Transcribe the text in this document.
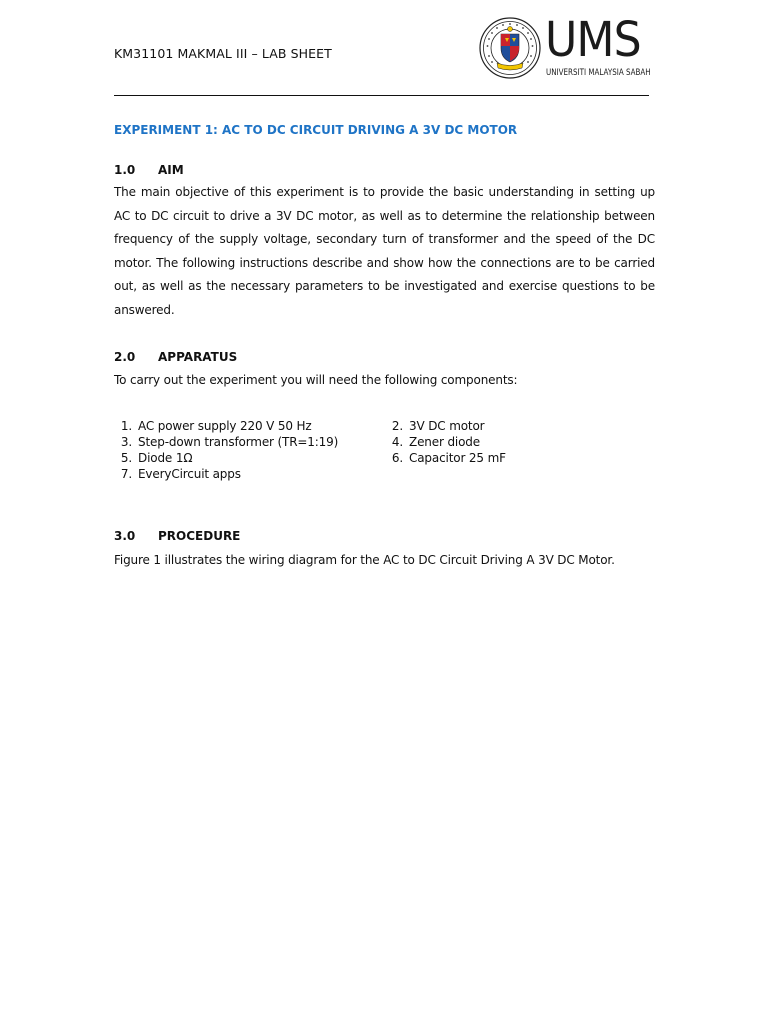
KM31101 MAKMAL III – LAB SHEET	UMS
UNIVERSITI MALAYSIA SABAH
EXPERIMENT 1: AC TO DC CIRCUIT DRIVING A 3V DC MOTOR
1.0 AIM
The main objective of this experiment is to provide the basic understanding in setting up AC to DC circuit to drive a 3V DC motor, as well as to determine the relationship between frequency of the supply voltage, secondary turn of transformer and the speed of the DC motor. The following instructions describe and show how the connections are to be carried out, as well as the necessary parameters to be investigated and exercise questions to be answered.
2.0 APPARATUS
To carry out the experiment you will need the following components:
1. AC power supply 220 V 50 Hz	2. 3V DC motor
3. Step-down transformer (TR=1:19)	4. Zener diode
5. Diode 1Ω	6. Capacitor 25 mF
7. EveryCircuit apps
3.0 PROCEDURE
Figure 1 illustrates the wiring diagram for the AC to DC Circuit Driving A 3V DC Motor.
